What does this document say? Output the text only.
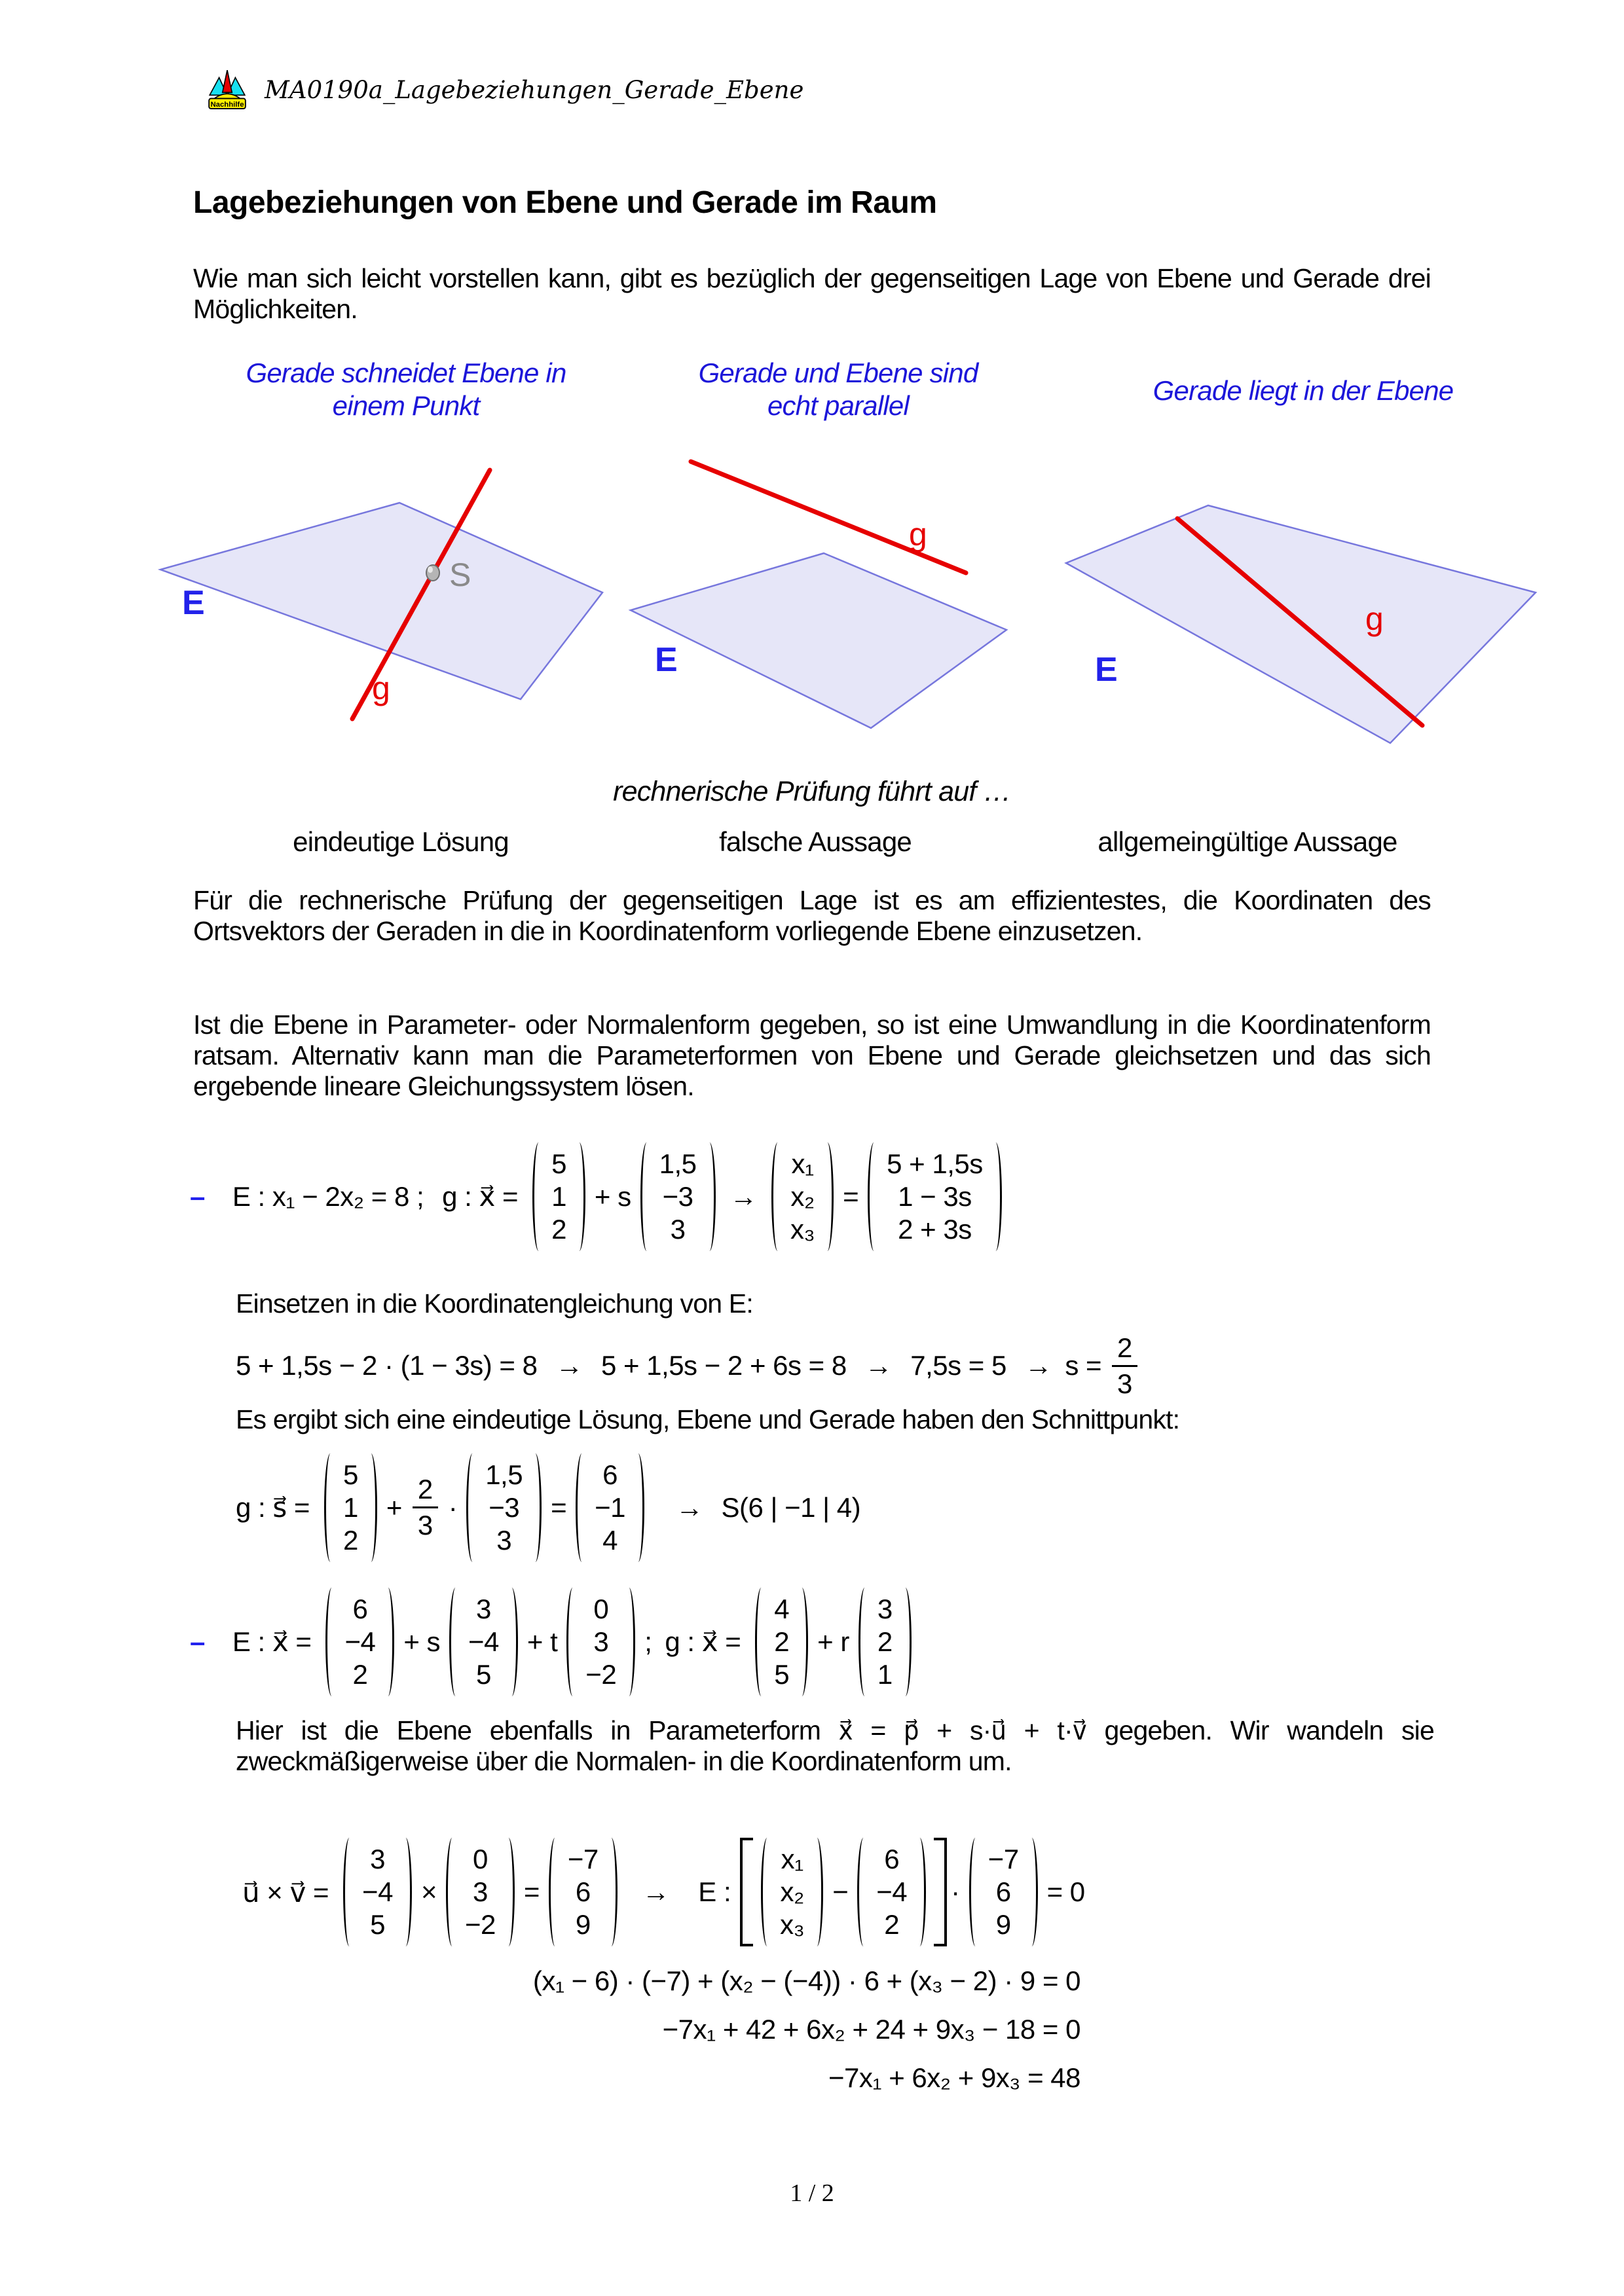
Nachhilfe
MA0190a_Lagebeziehungen_Gerade_Ebene
Lagebeziehungen von Ebene und Gerade im Raum
Wie man sich leicht vorstellen kann, gibt es bezüglich der gegenseitigen Lage von Ebene und Gerade drei Möglichkeiten.
Gerade schneidet Ebene in
einem Punkt
Gerade und Ebene sind
echt parallel	Gerade liegt in der Ebene
E
S
g
g
E
g
E
rechnerische Prüfung führt auf …
eindeutige Lösung	falsche Aussage	allgemeingültige Aussage
Für die rechnerische Prüfung der gegenseitigen Lage ist es am effizientestes, die Koordinaten des Ortsvektors der Geraden in die in Koordinatenform vorliegende Ebene einzusetzen.
Ist die Ebene in Parameter- oder Normalenform gegeben, so ist eine Umwandlung in die Koordinatenform ratsam. Alternativ kann man die Parameterformen von Ebene und Gerade gleichsetzen und das sich ergebende lineare Gleichungssystem lösen.
– E : x₁ − 2x₂ = 8 ; g : x⃗ =
5
1
2
+ s
1,5
−3
3
→
x₁
x₂
x₃
=
5 + 1,5s
1 − 3s
2 + 3s
Einsetzen in die Koordinatengleichung von E:
$5 + 1,5s - 2 \cdot (1 - 3s) = 8 \to 5 + 1,5s - 2 + 6s = 8 \to 7,5s = 5 \to s = \frac{2}{3}$
Es ergibt sich eine eindeutige Lösung, Ebene und Gerade haben den Schnittpunkt:
g : s⃗ =
5
1
2
+ $\frac{2}{3}$ ·
1,5
−3
3
=
6
−1
4
→ S(6 | −1 | 4)
– E : x⃗ =
6
−4
2
+ s
3
−4
5
+ t
0
3
−2
; g : x⃗ =
4
2
5
+ r
3
2
1
Hier ist die Ebene ebenfalls in Parameterform x⃗ = p⃗ + s·u⃗ + t·v⃗ gegeben. Wir wandeln sie zweckmäßigerweise über die Normalen- in die Koordinatenform um.
u⃗ × v⃗ =
3
−4
5
×
0
3
−2
=
−7
6
9
→ E :
x₁
x₂
x₃
−
6
−4
2
·
−7
6
9
= 0
(x₁ − 6) · (−7) + (x₂ − (−4)) · 6 + (x₃ − 2) · 9 = 0
−7x₁ + 42 + 6x₂ + 24 + 9x₃ − 18 = 0
−7x₁ + 6x₂ + 9x₃ = 48
1 / 2
